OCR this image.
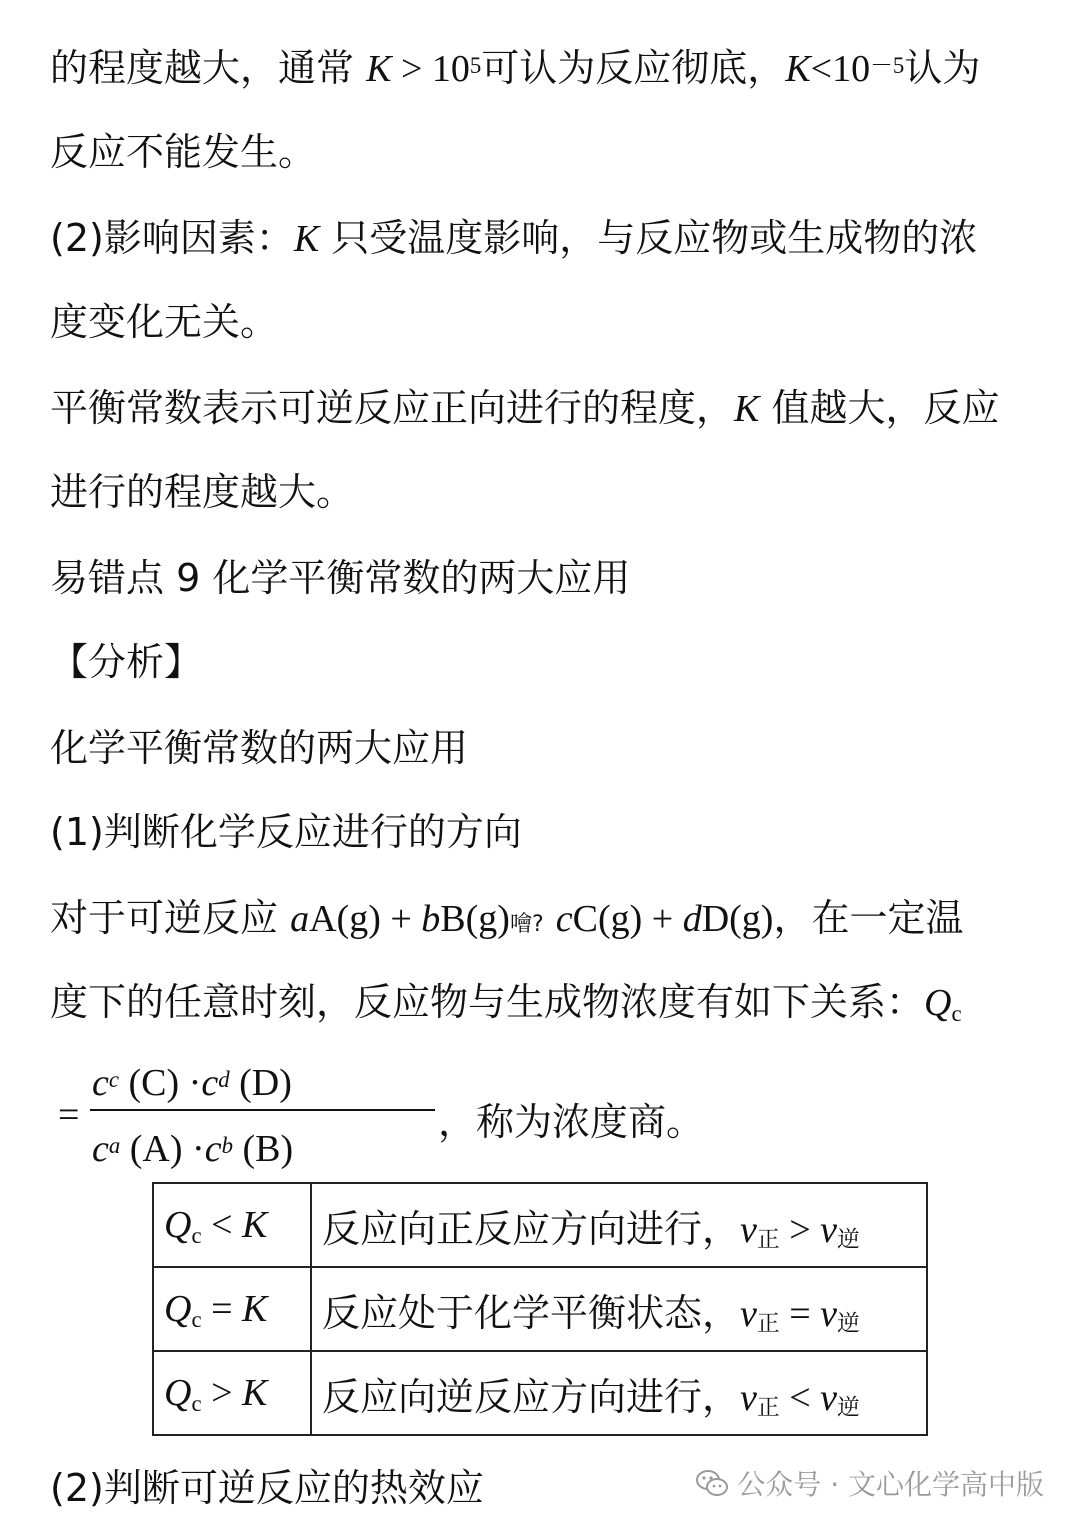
的程度越大，通常 $K > 10^5$可认为反应彻底，$K<10^{-5}$认为
反应不能发生。
(2)影响因素：K 只受温度影响，与反应物或生成物的浓
度变化无关。
平衡常数表示可逆反应正向进行的程度，K 值越大，反应
进行的程度越大。
易错点 9 化学平衡常数的两大应用
【分析】
化学平衡常数的两大应用
(1)判断化学反应进行的方向
对于可逆反应 aA(g) + bB(g)噲? cC(g) + dD(g)，在一定温
度下的任意时刻，反应物与生成物浓度有如下关系：$Q_c$
=
$c^c$ $(C) \cdot c^d$ (D)
$c^a$ $(A) \cdot c^b$ (B)
，称为浓度商。
$Q_c < K$	反应向正反应方向进行，$v_正 > v_逆$
$Q_c = K$	反应处于化学平衡状态，$v_正 = v_逆$
$Q_c > K$	反应向逆反应方向进行，$v_正 < v_逆$
(2)判断可逆反应的热效应	公众号 · 文心化学高中版
